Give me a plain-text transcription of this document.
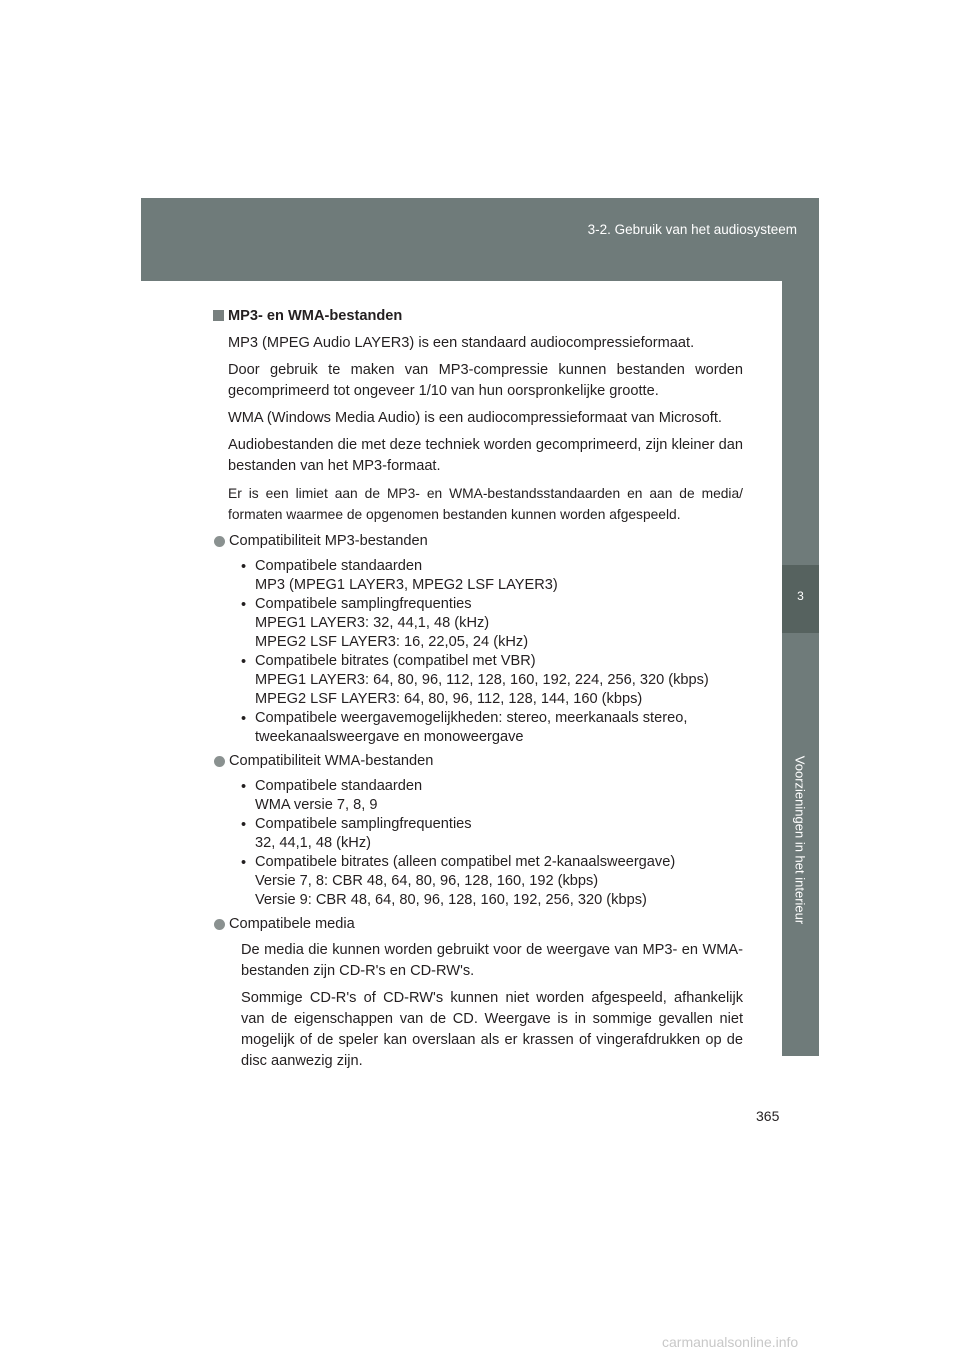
3-2. Gebruik van het audiosysteem
3
Voorzieningen in het interieur
MP3- en WMA-bestanden

MP3 (MPEG Audio LAYER3) is een standaard audiocompressieformaat.

Door gebruik te maken van MP3-compressie kunnen bestanden worden gecomprimeerd tot ongeveer 1/10 van hun oorspronkelijke grootte.

WMA (Windows Media Audio) is een audiocompressieformaat van Microsoft.

Audiobestanden die met deze techniek worden gecomprimeerd, zijn kleiner dan bestanden van het MP3-formaat.

Er is een limiet aan de MP3- en WMA-bestandsstandaarden en aan de media/ formaten waarmee de opgenomen bestanden kunnen worden afgespeeld.

Compatibiliteit MP3-bestanden
• Compatibele standaarden
MP3 (MPEG1 LAYER3, MPEG2 LSF LAYER3)
• Compatibele samplingfrequenties
MPEG1 LAYER3: 32, 44,1, 48 (kHz)
MPEG2 LSF LAYER3: 16, 22,05, 24 (kHz)
• Compatibele bitrates (compatibel met VBR)
MPEG1 LAYER3: 64, 80, 96, 112, 128, 160, 192, 224, 256, 320 (kbps)
MPEG2 LSF LAYER3: 64, 80, 96, 112, 128, 144, 160 (kbps)
• Compatibele weergavemogelijkheden: stereo, meerkanaals stereo,
tweekanaalsweergave en monoweergave
Compatibiliteit WMA-bestanden
• Compatibele standaarden
WMA versie 7, 8, 9
• Compatibele samplingfrequenties
32, 44,1, 48 (kHz)
• Compatibele bitrates (alleen compatibel met 2-kanaalsweergave)
Versie 7, 8: CBR 48, 64, 80, 96, 128, 160, 192 (kbps)
Versie 9: CBR 48, 64, 80, 96, 128, 160, 192, 256, 320 (kbps)
Compatibele media

De media die kunnen worden gebruikt voor de weergave van MP3- en WMA-bestanden zijn CD-R's en CD-RW's.

Sommige CD-R's of CD-RW's kunnen niet worden afgespeeld, afhankelijk van de eigenschappen van de CD. Weergave is in sommige gevallen niet mogelijk of de speler kan overslaan als er krassen of vingerafdrukken op de disc aanwezig zijn.

365
carmanualsonline.info
